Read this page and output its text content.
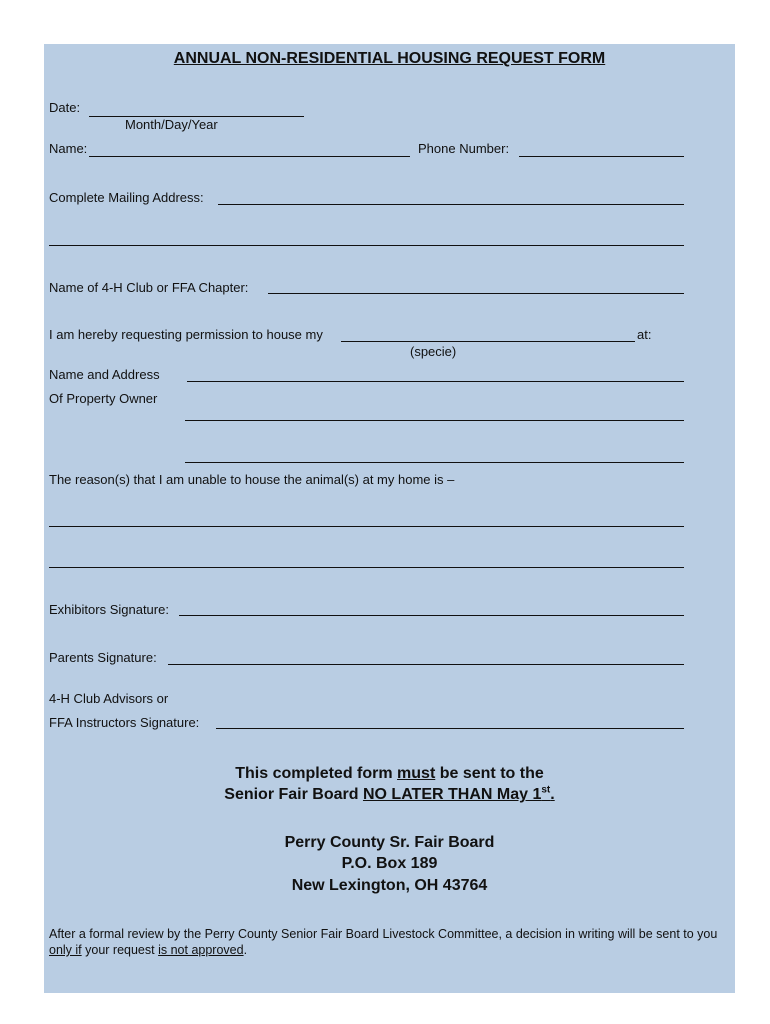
ANNUAL NON-RESIDENTIAL HOUSING REQUEST FORM
Date:
Month/Day/Year
Name:	Phone Number:
Complete Mailing Address:
Name of 4-H Club or FFA Chapter:
I am hereby requesting permission to house my	at:
(specie)
Name and Address
Of Property Owner
The reason(s) that I am unable to house the animal(s) at my home is –
Exhibitors Signature:
Parents Signature:
4-H Club Advisors or
FFA Instructors Signature:
This completed form must be sent to the
Senior Fair Board NO LATER THAN May 1st.
Perry County Sr. Fair Board
P.O. Box 189
New Lexington, OH 43764
After a formal review by the Perry County Senior Fair Board Livestock Committee, a decision in writing will be sent to you only if your request is not approved.
